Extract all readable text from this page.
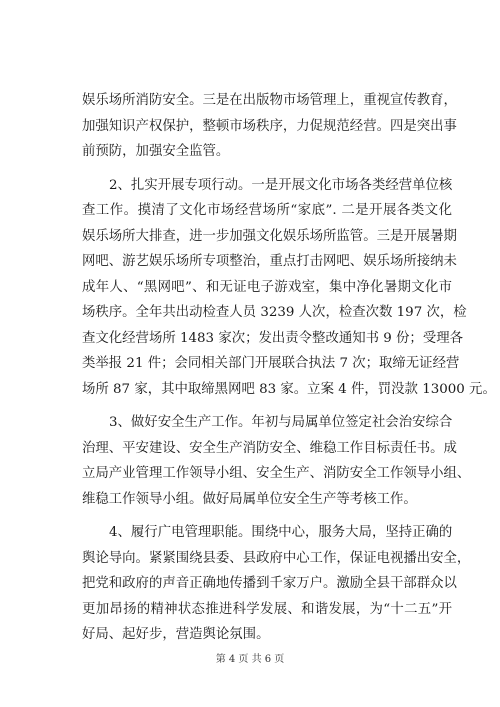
娱乐场所消防安全。三是在出版物市场管理上，重视宣传教育，
加强知识产权保护，整顿市场秩序，力促规范经营。四是突出事
前预防，加强安全监管。
2、扎实开展专项行动。一是开展文化市场各类经营单位核
查工作。摸清了文化市场经营场所“家底”. 二是开展各类文化
娱乐场所大排查，进一步加强文化娱乐场所监管。三是开展暑期
网吧、游艺娱乐场所专项整治，重点打击网吧、娱乐场所接纳未
成年人、“黑网吧”、和无证电子游戏室，集中净化暑期文化市
场秩序。全年共出动检查人员 3239 人次，检查次数 197 次，检
查文化经营场所 1483 家次；发出责令整改通知书 9 份；受理各
类举报 21 件；会同相关部门开展联合执法 7 次；取缔无证经营
场所 87 家，其中取缔黑网吧 83 家。立案 4 件，罚没款 13000 元。
3、做好安全生产工作。年初与局属单位签定社会治安综合
治理、平安建设、安全生产消防安全、维稳工作目标责任书。成
立局产业管理工作领导小组、安全生产、消防安全工作领导小组、
维稳工作领导小组。做好局属单位安全生产等考核工作。
4、履行广电管理职能。围绕中心，服务大局，坚持正确的
舆论导向。紧紧围绕县委、县政府中心工作，保证电视播出安全，
把党和政府的声音正确地传播到千家万户。激励全县干部群众以
更加昂扬的精神状态推进科学发展、和谐发展，为“十二五”开
好局、起好步，营造舆论氛围。
第 4 页 共 6 页
